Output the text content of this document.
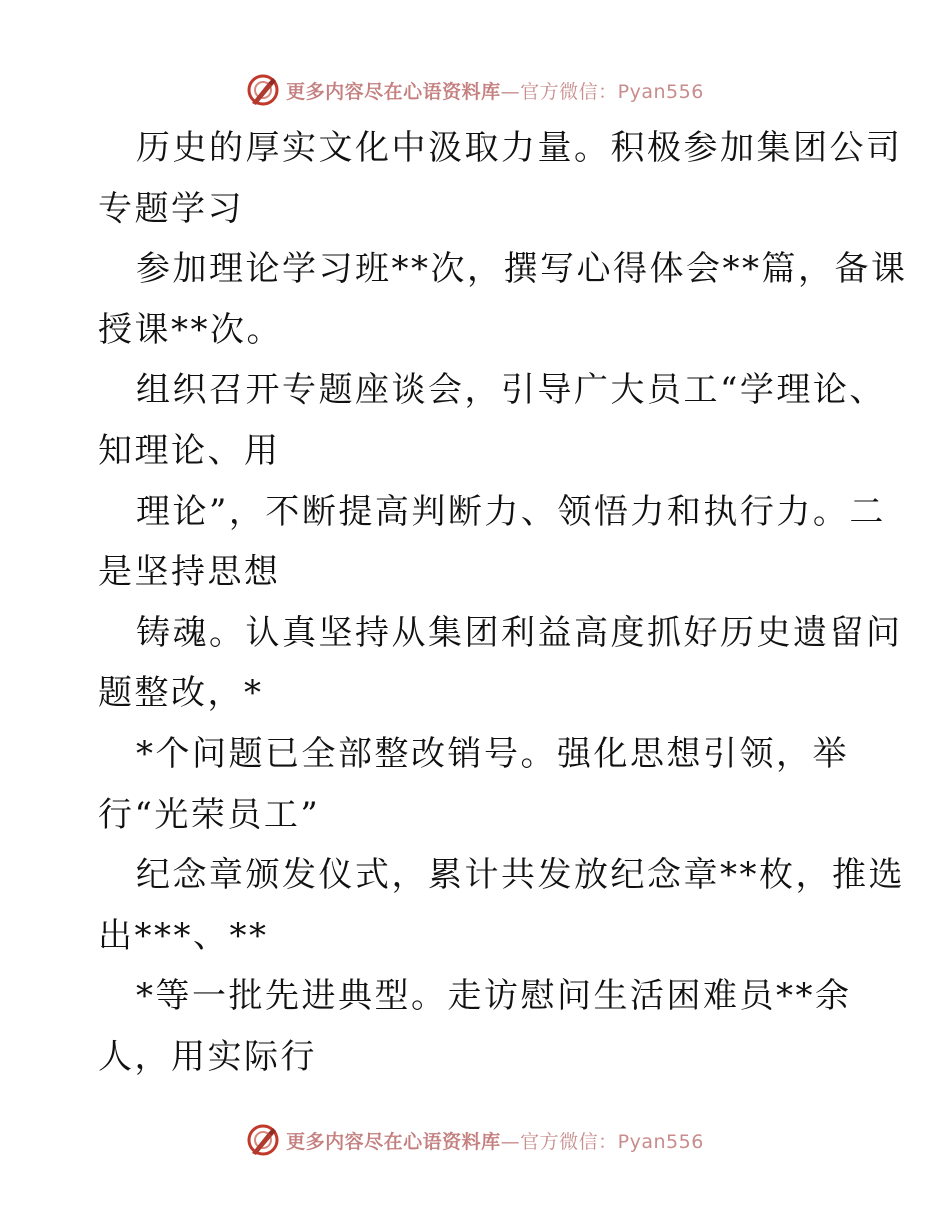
更多内容尽在心语资料库—官方微信：Pyan556
历史的厚实文化中汲取力量。积极参加集团公司
专题学习
参加理论学习班**次，撰写心得体会**篇，备课
授课**次。
组织召开专题座谈会，引导广大员工“学理论、
知理论、用
理论”，不断提高判断力、领悟力和执行力。二
是坚持思想
铸魂。认真坚持从集团利益高度抓好历史遗留问
题整改，*
*个问题已全部整改销号。强化思想引领，举
行“光荣员工”
纪念章颁发仪式，累计共发放纪念章**枚，推选
出***、**
*等一批先进典型。走访慰问生活困难员**余
人，用实际行
更多内容尽在心语资料库—官方微信：Pyan556
